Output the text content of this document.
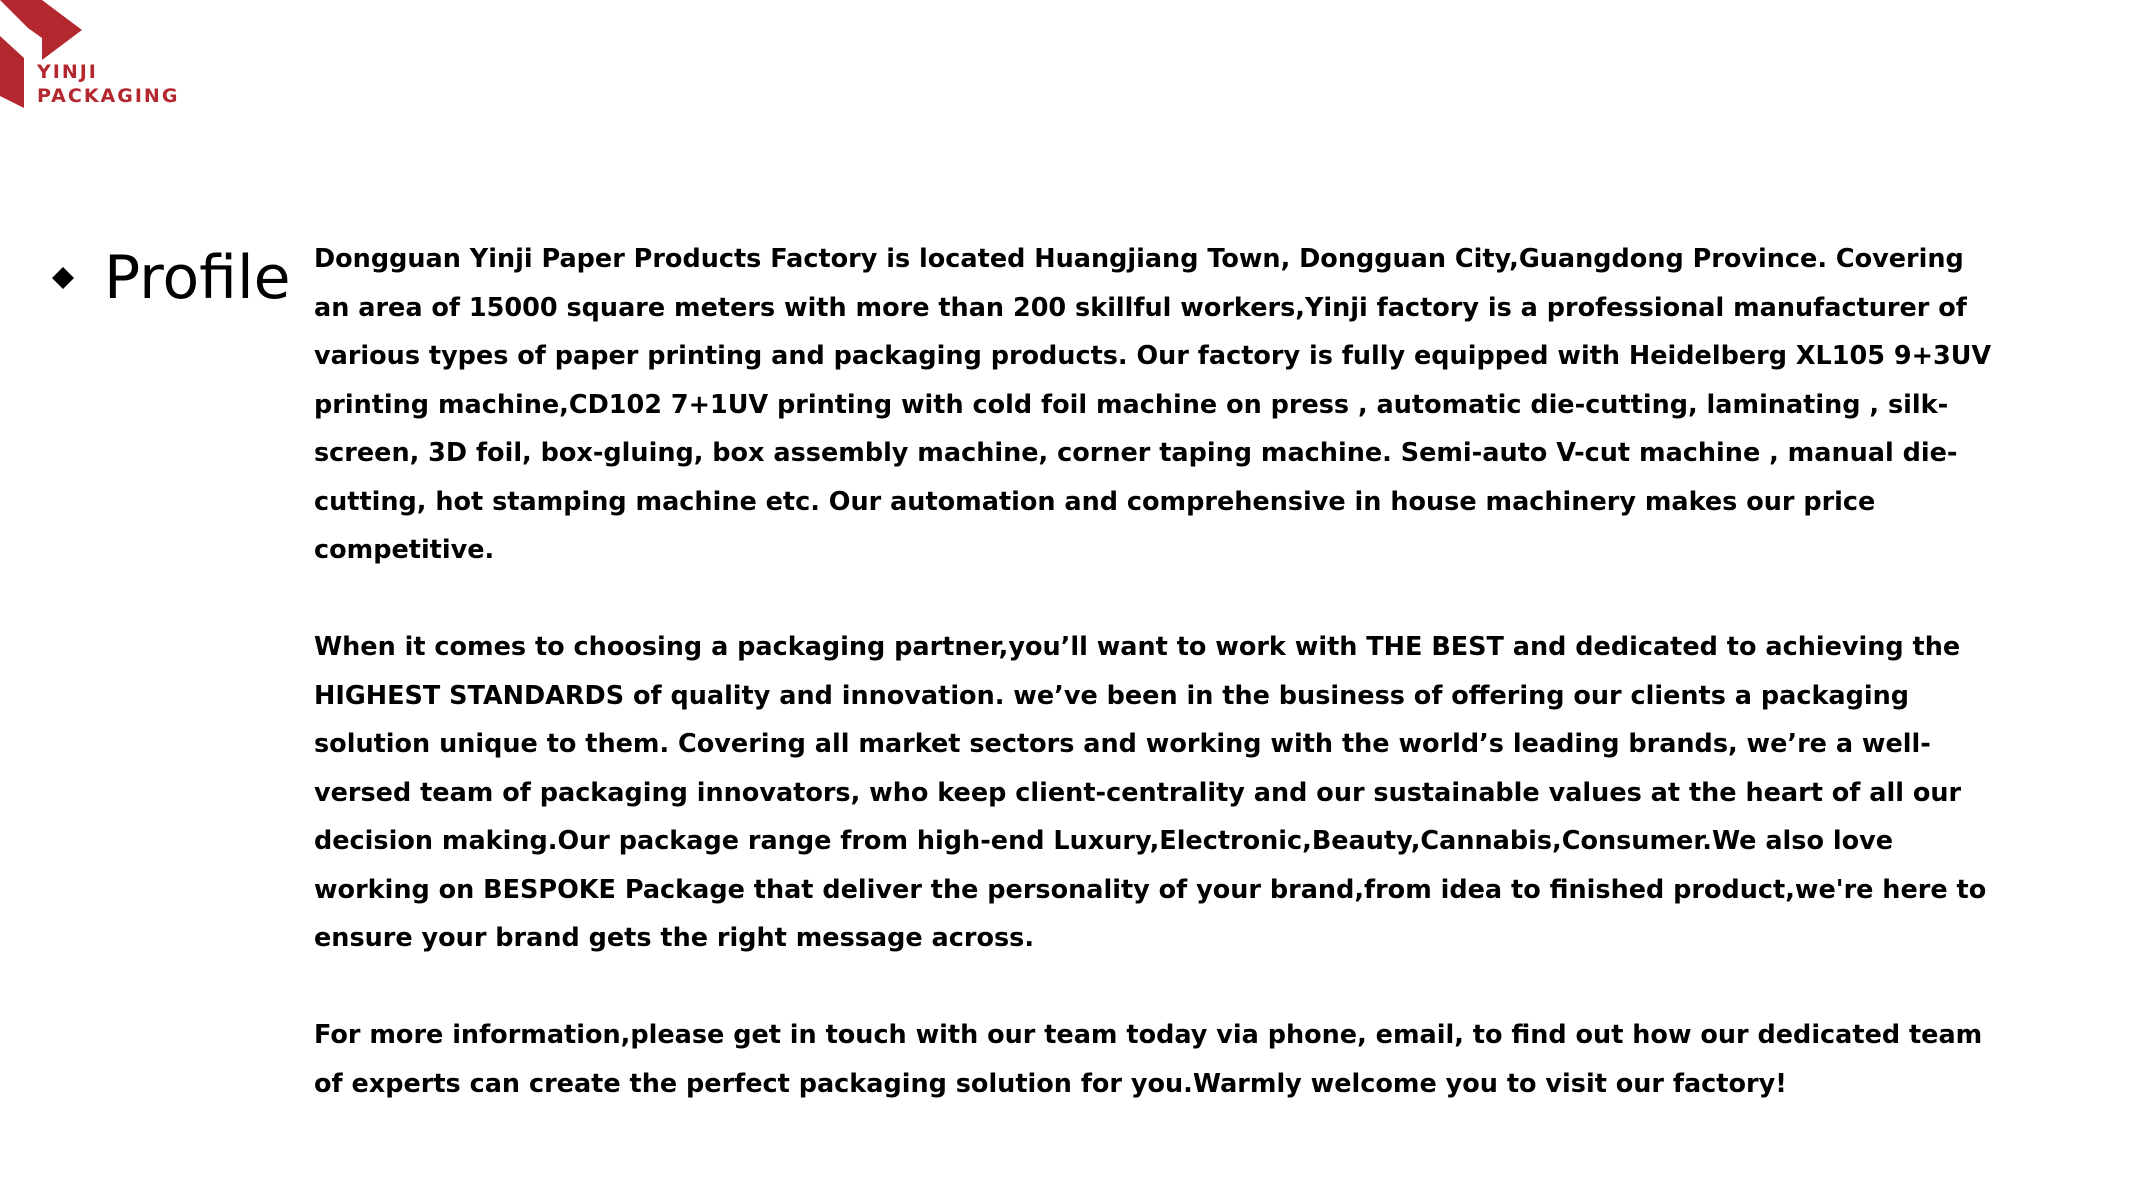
YINJI
PACKAGING
Profile Dongguan Yinji Paper Products Factory is located Huangjiang Town, Dongguan City,Guangdong Province. Covering an area of 15000 square meters with more than 200 skillful workers,Yinji factory is a professional manufacturer of various types of paper printing and packaging products. Our factory is fully equipped with Heidelberg XL105 9+3UV printing machine,CD102 7+1UV printing with cold foil machine on press , automatic die-cutting, laminating , silk-screen, 3D foil, box-gluing, box assembly machine, corner taping machine. Semi-auto V-cut machine , manual die-cutting, hot stamping machine etc. Our automation and comprehensive in house machinery makes our price competitive.

When it comes to choosing a packaging partner,you’ll want to work with THE BEST and dedicated to achieving the HIGHEST STANDARDS of quality and innovation. we’ve been in the business of offering our clients a packaging solution unique to them. Covering all market sectors and working with the world’s leading brands, we’re a well-versed team of packaging innovators, who keep client-centrality and our sustainable values at the heart of all our decision making.Our package range from high-end Luxury,Electronic,Beauty,Cannabis,Consumer.We also love working on BESPOKE Package that deliver the personality of your brand,from idea to finished product,we're here to ensure your brand gets the right message across.

For more information,please get in touch with our team today via phone, email, to find out how our dedicated team of experts can create the perfect packaging solution for you.Warmly welcome you to visit our factory!
